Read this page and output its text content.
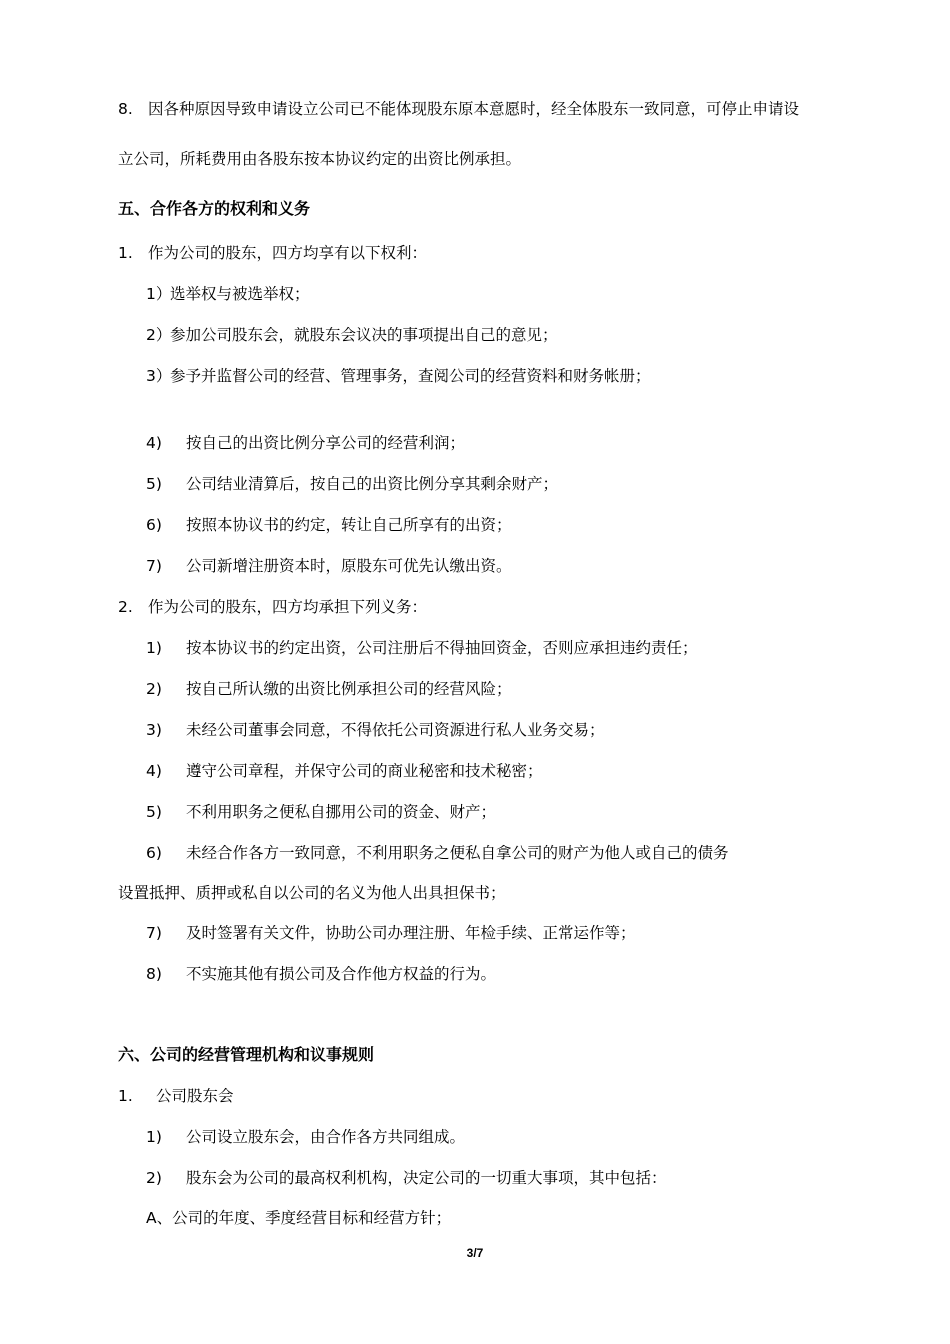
8. 因各种原因导致申请设立公司已不能体现股东原本意愿时，经全体股东一致同意，可停止申请设
立公司，所耗费用由各股东按本协议约定的出资比例承担。
五、合作各方的权利和义务
1. 作为公司的股东，四方均享有以下权利：
1）
选举权与被选举权；
2）
参加公司股东会，就股东会议决的事项提出自己的意见；
3）
参予并监督公司的经营、管理事务，查阅公司的经营资料和财务帐册；
4) 按自己的出资比例分享公司的经营利润；
5) 公司结业清算后，按自己的出资比例分享其剩余财产；
6) 按照本协议书的约定，转让自己所享有的出资；
7) 公司新增注册资本时，原股东可优先认缴出资。
2. 作为公司的股东，四方均承担下列义务：
1) 按本协议书的约定出资，公司注册后不得抽回资金，否则应承担违约责任；
2) 按自己所认缴的出资比例承担公司的经营风险；
3) 未经公司董事会同意，不得依托公司资源进行私人业务交易；
4) 遵守公司章程，并保守公司的商业秘密和技术秘密；
5) 不利用职务之便私自挪用公司的资金、财产；
6) 未经合作各方一致同意，不利用职务之便私自拿公司的财产为他人或自己的债务
设置抵押、质押或私自以公司的名义为他人出具担保书；
7) 及时签署有关文件，协助公司办理注册、年检手续、正常运作等；
8) 不实施其他有损公司及合作他方权益的行为。
六、公司的经营管理机构和议事规则
1. 公司股东会
1) 公司设立股东会，由合作各方共同组成。
2) 股东会为公司的最高权利机构，决定公司的一切重大事项，其中包括：
A、公司的年度、季度经营目标和经营方针；
3/7
